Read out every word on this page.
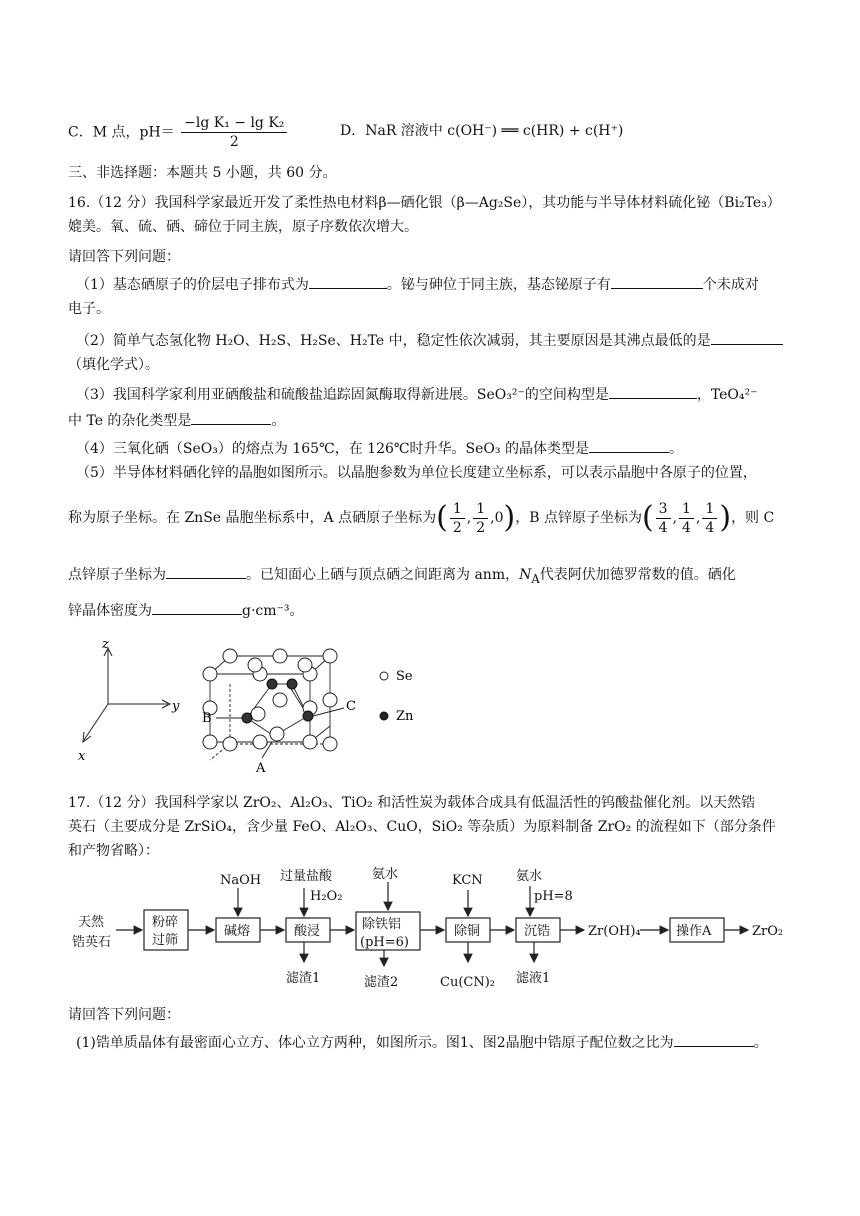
C．M 点，$pH= \frac{\text{−lg K₁ − lg K₂}}{2}$	D．NaR 溶液中 c(OH⁻) ══ c(HR) + c(H⁺)
三、非选择题：本题共 5 小题，共 60 分。
16.（12 分）我国科学家最近开发了柔性热电材料β—硒化银（β—Ag₂Se），其功能与半导体材料硫化铋（Bi₂Te₃）
媲美。氧、硫、硒、碲位于同主族，原子序数依次增大。
请回答下列问题：
（1）基态硒原子的价层电子排布式为	。铋与砷位于同主族，基态铋原子有	个未成对
电子。
（2）简单气态氢化物 H₂O、H₂S、H₂Se、H₂Te 中，稳定性依次减弱，其主要原因是其沸点最低的是
（填化学式）。
（3）我国科学家利用亚硒酸盐和硫酸盐追踪固氮酶取得新进展。SeO₃²⁻的空间构型是	，TeO₄²⁻
中 Te 的杂化类型是	。
（4）三氧化硒（SeO₃）的熔点为 165℃，在 126℃时升华。SeO₃ 的晶体类型是	。
（5）半导体材料硒化锌的晶胞如图所示。以晶胞参数为单位长度建立坐标系，可以表示晶胞中各原子的位置，
称为原子坐标。在 ZnSe 晶胞坐标系中，A 点硒原子坐标为( $\frac{1}{2}$ , $\frac{1}{2} ,0$)，B 点锌原子坐标为( $\frac{3}{4}$ , $\frac{1}{4}$ , $\frac{1}{4}$ )，则 C
点锌原子坐标为	。已知面心上硒与顶点硒之间距离为 anm，$N_A$代表阿伏加德罗常数的值。硒化
锌晶体密度为	g·cm⁻³。
z
y
x
B
C
A
Se
Zn
17.（12 分）我国科学家以 ZrO₂、Al₂O₃、TiO₂ 和活性炭为载体合成具有低温活性的钨酸盐催化剂。以天然锆
英石（主要成分是 ZrSiO₄，含少量 FeO、Al₂O₃、CuO，SiO₂ 等杂质）为原料制备 ZrO₂ 的流程如下（部分条件
和产物省略）：
天然
锆英石
粉碎
过筛
碱熔
NaOH
酸浸
过量盐酸
H₂O₂
滤渣1
除铁铝
(pH=6)
氨水
滤渣2
除铜
KCN
Cu(CN)₂
沉锆
氨水
pH=8
滤液1
Zr(OH)₄	操作A	ZrO₂
请回答下列问题：
(1)锆单质晶体有最密面心立方、体心立方两种，如图所示。图1、图2晶胞中锆原子配位数之比为	。
